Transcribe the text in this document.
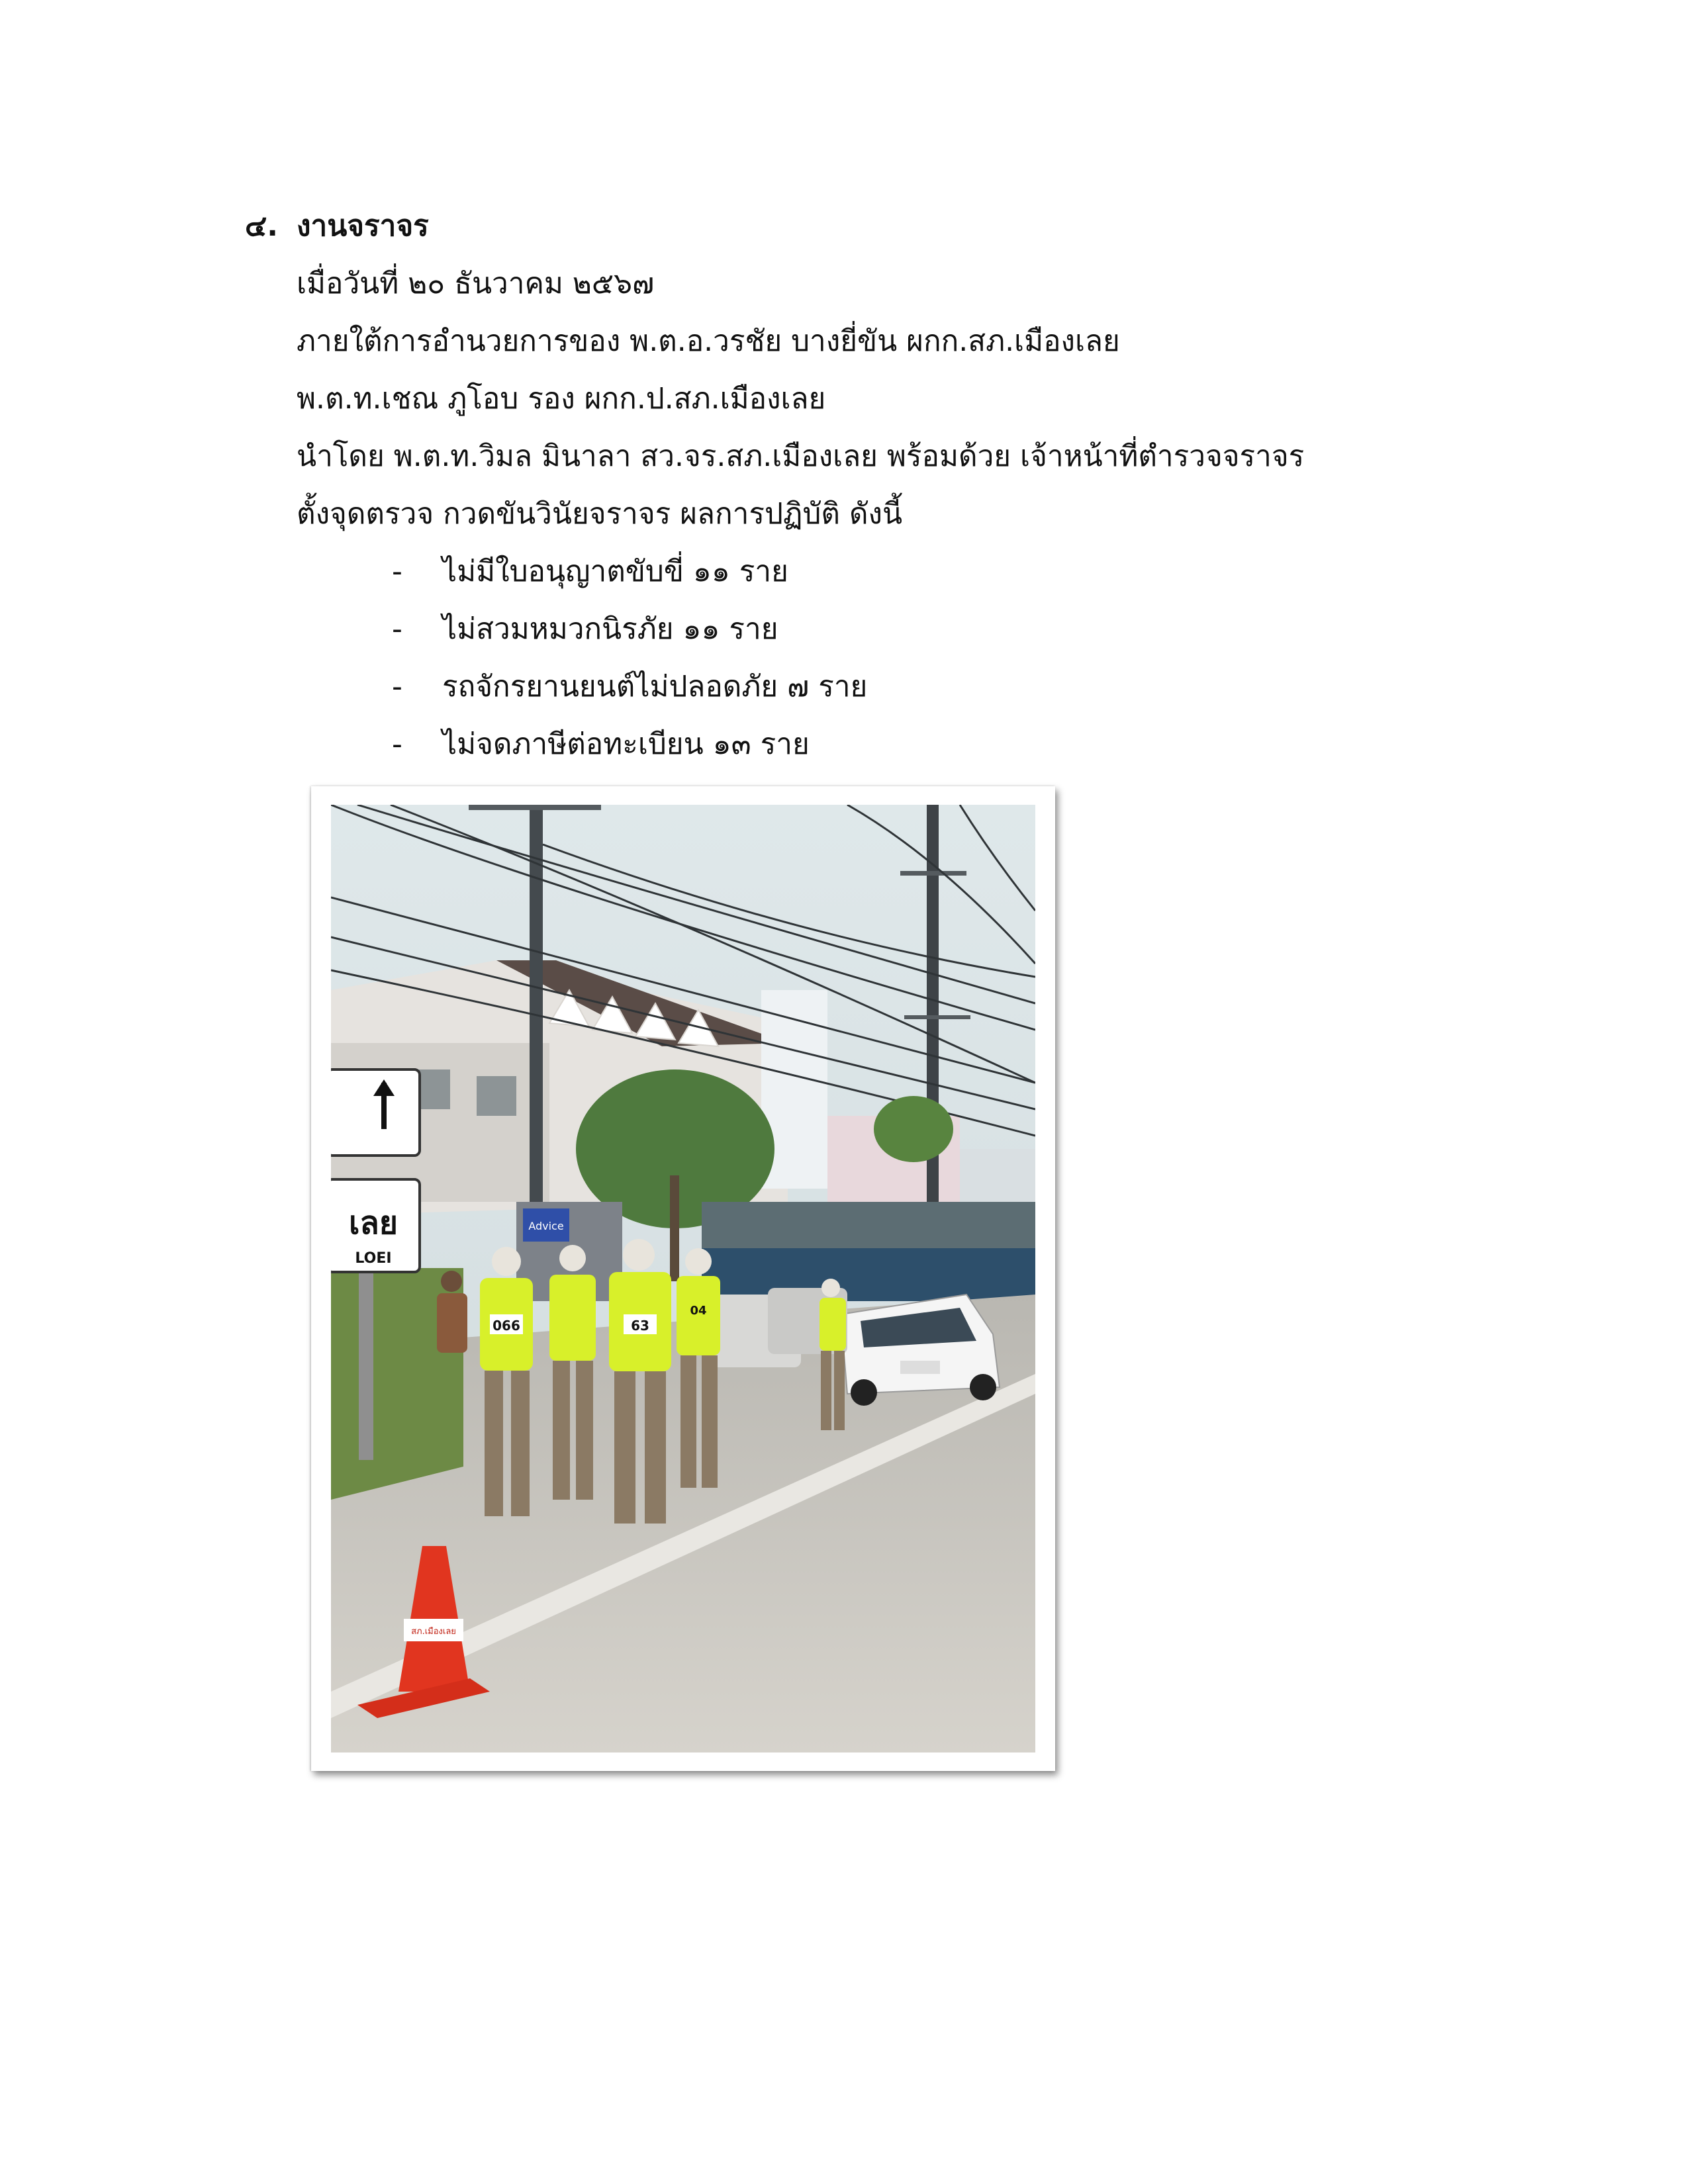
๔. งานจราจร
เมื่อวันที่ ๒๐ ธันวาคม ๒๕๖๗
ภายใต้การอำนวยการของ พ.ต.อ.วรชัย บางยี่ขัน ผกก.สภ.เมืองเลย
พ.ต.ท.เชณ ภูโอบ รอง ผกก.ป.สภ.เมืองเลย
นำโดย พ.ต.ท.วิมล มินาลา สว.จร.สภ.เมืองเลย พร้อมด้วย เจ้าหน้าที่ตำรวจจราจร
ตั้งจุดตรวจ กวดขันวินัยจราจร ผลการปฏิบัติ ดังนี้
- ไม่มีใบอนุญาตขับขี่ ๑๑ ราย
- ไม่สวมหมวกนิรภัย ๑๑ ราย
- รถจักรยานยนต์ไม่ปลอดภัย ๗ ราย
- ไม่จดภาษีต่อทะเบียน ๑๓ ราย
Advice
เลย
LOEI
066	63
04
สภ.เมืองเลย
